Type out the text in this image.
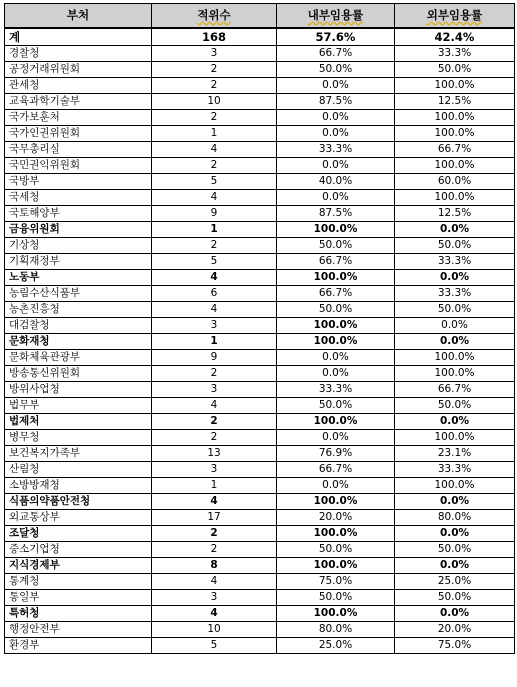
부처	적위수	내부임용률	외부임용률
계	168	57.6%	42.4%
경찰청	3	66.7%	33.3%
공정거래위원회	2	50.0%	50.0%
관세청	2	0.0%	100.0%
교육과학기술부	10	87.5%	12.5%
국가보훈처	2	0.0%	100.0%
국가인권위원회	1	0.0%	100.0%
국무총리실	4	33.3%	66.7%
국민권익위원회	2	0.0%	100.0%
국방부	5	40.0%	60.0%
국세청	4	0.0%	100.0%
국토해양부	9	87.5%	12.5%
금융위원회	1	100.0%	0.0%
기상청	2	50.0%	50.0%
기획재정부	5	66.7%	33.3%
노동부	4	100.0%	0.0%
농림수산식품부	6	66.7%	33.3%
농촌진흥청	4	50.0%	50.0%
대검찰청	3	100.0%	0.0%
문화재청	1	100.0%	0.0%
문화체육관광부	9	0.0%	100.0%
방송통신위원회	2	0.0%	100.0%
방위사업청	3	33.3%	66.7%
법무부	4	50.0%	50.0%
법제처	2	100.0%	0.0%
병무청	2	0.0%	100.0%
보건복지가족부	13	76.9%	23.1%
산림청	3	66.7%	33.3%
소방방재청	1	0.0%	100.0%
식품의약품안전청	4	100.0%	0.0%
외교통상부	17	20.0%	80.0%
조달청	2	100.0%	0.0%
중소기업청	2	50.0%	50.0%
지식경제부	8	100.0%	0.0%
통계청	4	75.0%	25.0%
통일부	3	50.0%	50.0%
특허청	4	100.0%	0.0%
행정안전부	10	80.0%	20.0%
환경부	5	25.0%	75.0%
